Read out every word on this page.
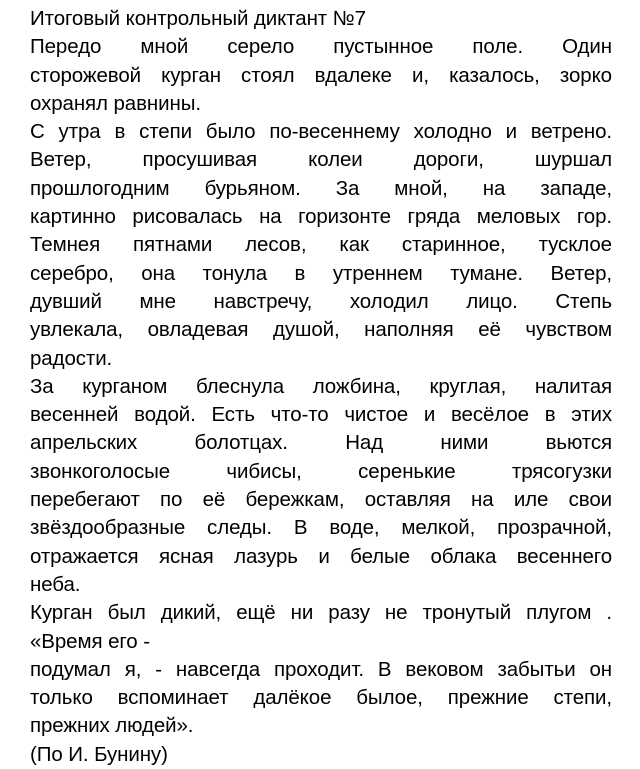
Итоговый контрольный диктант №7
Передо мной серело пустынное поле. Один
сторожевой курган стоял вдалеке и, казалось, зорко
охранял равнины.
С утра в степи было по-весеннему холодно и ветрено.
Ветер, просушивая колеи дороги, шуршал
прошлогодним бурьяном. За мной, на западе,
картинно рисовалась на горизонте гряда меловых гор.
Темнея пятнами лесов, как старинное, тусклое
серебро, она тонула в утреннем тумане. Ветер,
дувший мне навстречу, холодил лицо. Степь
увлекала, овладевая душой, наполняя её чувством
радости.
За курганом блеснула ложбина, круглая, налитая
весенней водой. Есть что-то чистое и весёлое в этих
апрельских болотцах. Над ними вьются
звонкоголосые чибисы, серенькие трясогузки
перебегают по её бережкам, оставляя на иле свои
звёздообразные следы. В воде, мелкой, прозрачной,
отражается ясная лазурь и белые облака весеннего
неба.
Курган был дикий, ещё ни разу не тронутый плугом .
«Время его -
подумал я, - навсегда проходит. В вековом забытьи он
только вспоминает далёкое былое, прежние степи,
прежних людей».
(По И. Бунину)
